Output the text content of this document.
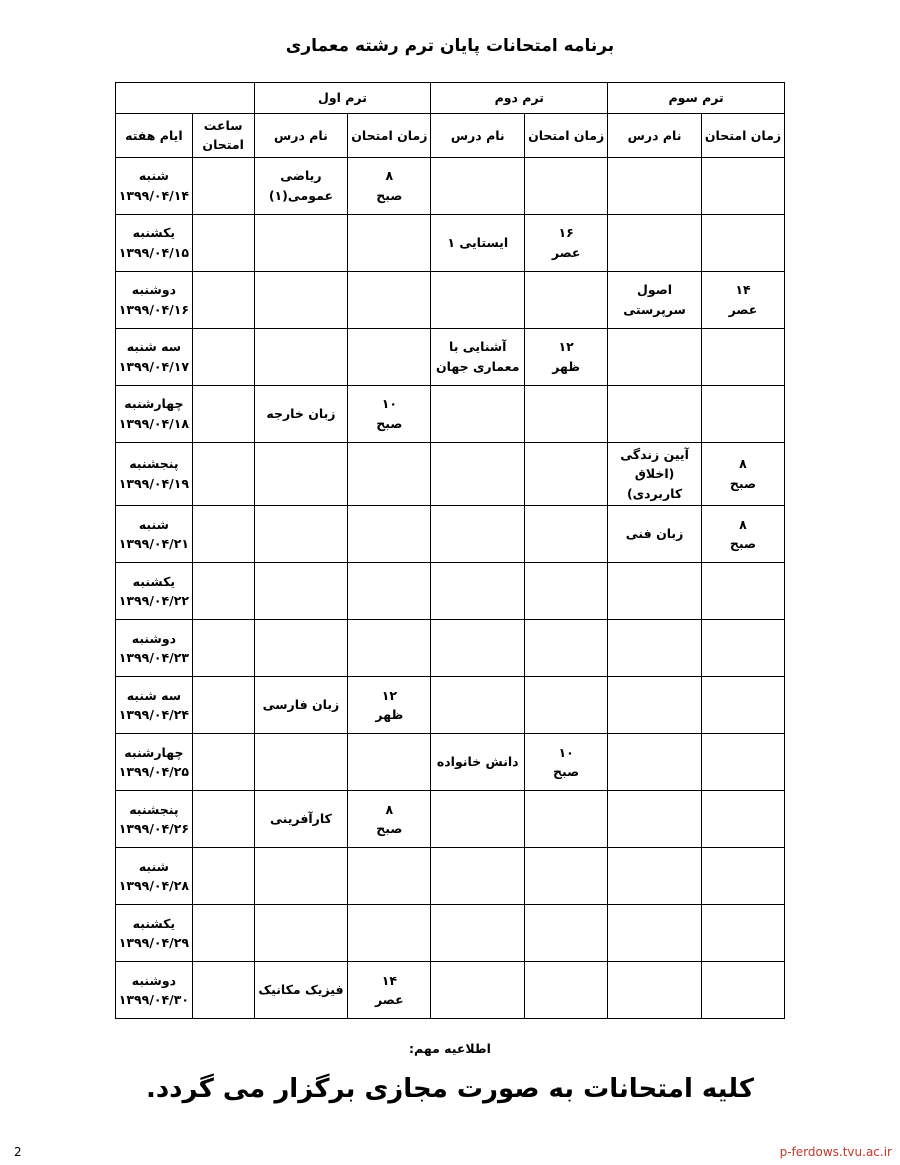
برنامه امتحانات پایان ترم رشته معماری
ترم سوم		ترم دوم		ترم اول			
زمان امتحان	نام درس	زمان امتحان	نام درس	زمان امتحان	نام درس	ساعت امتحان	ایام هفته

				۸
صبح	ریاضی عمومی(۱)		شنبه
۱۳۹۹/۰۴/۱۴

		۱۶
عصر	ایستایی ۱				یکشنبه
۱۳۹۹/۰۴/۱۵

۱۴
عصر	اصول سرپرستی						دوشنبه
۱۳۹۹/۰۴/۱۶

		۱۲
ظهر	آشنایی با معماری جهان				سه شنبه
۱۳۹۹/۰۴/۱۷

				۱۰
صبح	زبان خارجه		چهارشنبه
۱۳۹۹/۰۴/۱۸

۸
صبح	آیین زندگی (اخلاق کاربردی)						پنجشنبه
۱۳۹۹/۰۴/۱۹

۸
صبح	زبان فنی						شنبه
۱۳۹۹/۰۴/۲۱

							یکشنبه
۱۳۹۹/۰۴/۲۲

							دوشنبه
۱۳۹۹/۰۴/۲۳

				۱۲
ظهر	زبان فارسی		سه شنبه
۱۳۹۹/۰۴/۲۴

		۱۰
صبح	دانش خانواده				چهارشنبه
۱۳۹۹/۰۴/۲۵

				۸
صبح	کارآفرینی		پنجشنبه
۱۳۹۹/۰۴/۲۶

							شنبه
۱۳۹۹/۰۴/۲۸

							یکشنبه
۱۳۹۹/۰۴/۲۹

				۱۴
عصر	فیزیک مکانیک		دوشنبه
۱۳۹۹/۰۴/۳۰
اطلاعیه مهم:
کلیه امتحانات به صورت مجازی برگزار می گردد.
p-ferdows.tvu.ac.ir
2
